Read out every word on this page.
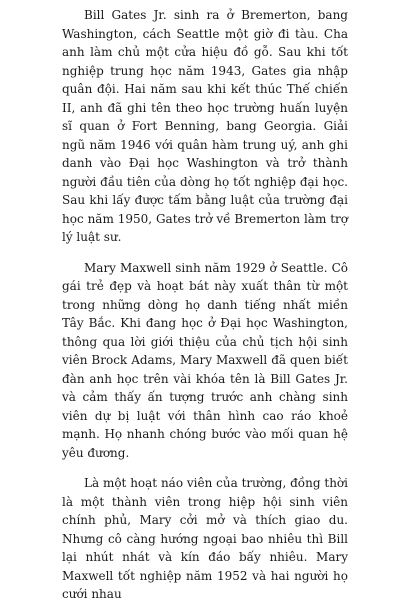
Bill Gates Jr. sinh ra ở Bremerton, bang Washington, cách Seattle một giờ đi tàu. Cha anh làm chủ một cửa hiệu đồ gỗ. Sau khi tốt nghiệp trung học năm 1943, Gates gia nhập quân đội. Hai năm sau khi kết thúc Thế chiến II, anh đã ghi tên theo học trường huấn luyện sĩ quan ở Fort Benning, bang Georgia. Giải ngũ năm 1946 với quân hàm trung uý, anh ghi danh vào Đại học Washington và trở thành người đầu tiên của dòng họ tốt nghiệp đại học. Sau khi lấy được tấm bằng luật của trường đại học năm 1950, Gates trở về Bremerton làm trợ lý luật sư.

Mary Maxwell sinh năm 1929 ở Seattle. Cô gái trẻ đẹp và hoạt bát này xuất thân từ một trong những dòng họ danh tiếng nhất miền Tây Bắc. Khi đang học ở Đại học Washington, thông qua lời giới thiệu của chủ tịch hội sinh viên Brock Adams, Mary Maxwell đã quen biết đàn anh học trên vài khóa tên là Bill Gates Jr. và cảm thấy ấn tượng trước anh chàng sinh viên dự bị luật với thân hình cao ráo khoẻ mạnh. Họ nhanh chóng bước vào mối quan hệ yêu đương.

Là một hoạt náo viên của trường, đồng thời là một thành viên trong hiệp hội sinh viên chính phủ, Mary cởi mở và thích giao du. Nhưng cô càng hướng ngoại bao nhiêu thì Bill lại nhút nhát và kín đáo bấy nhiêu. Mary Maxwell tốt nghiệp năm 1952 và hai người họ cưới nhau
